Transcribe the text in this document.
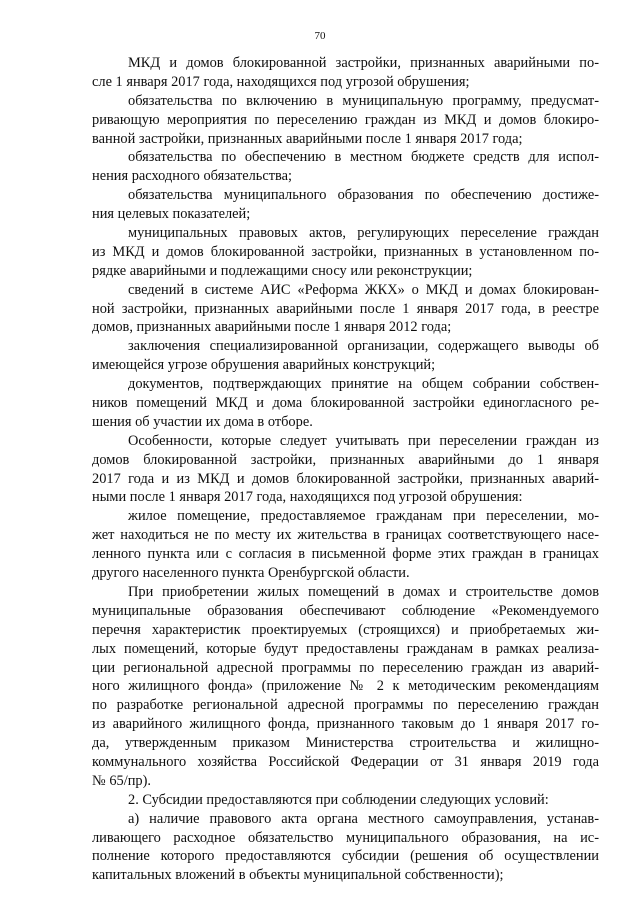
70
МКД и домов блокированной застройки, признанных аварийными по-
сле 1 января 2017 года, находящихся под угрозой обрушения;
обязательства по включению в муниципальную программу, предусмат-
ривающую мероприятия по переселению граждан из МКД и домов блокиро-
ванной застройки, признанных аварийными после 1 января 2017 года;
обязательства по обеспечению в местном бюджете средств для испол-
нения расходного обязательства;
обязательства муниципального образования по обеспечению достиже-
ния целевых показателей;
муниципальных правовых актов, регулирующих переселение граждан
из МКД и домов блокированной застройки, признанных в установленном по-
рядке аварийными и подлежащими сносу или реконструкции;
сведений в системе АИС «Реформа ЖКХ» о МКД и домах блокирован-
ной застройки, признанных аварийными после 1 января 2017 года, в реестре
домов, признанных аварийными после 1 января 2012 года;
заключения специализированной организации, содержащего выводы об
имеющейся угрозе обрушения аварийных конструкций;
документов, подтверждающих принятие на общем собрании собствен-
ников помещений МКД и дома блокированной застройки единогласного ре-
шения об участии их дома в отборе.
Особенности, которые следует учитывать при переселении граждан из
домов блокированной застройки, признанных аварийными до 1 января
2017 года и из МКД и домов блокированной застройки, признанных аварий-
ными после 1 января 2017 года, находящихся под угрозой обрушения:
жилое помещение, предоставляемое гражданам при переселении, мо-
жет находиться не по месту их жительства в границах соответствующего насе-
ленного пункта или с согласия в письменной форме этих граждан в границах
другого населенного пункта Оренбургской области.
При приобретении жилых помещений в домах и строительстве домов
муниципальные образования обеспечивают соблюдение «Рекомендуемого
перечня характеристик проектируемых (строящихся) и приобретаемых жи-
лых помещений, которые будут предоставлены гражданам в рамках реализа-
ции региональной адресной программы по переселению граждан из аварий-
ного жилищного фонда» (приложение № 2 к методическим рекомендациям
по разработке региональной адресной программы по переселению граждан
из аварийного жилищного фонда, признанного таковым до 1 января 2017 го-
да, утвержденным приказом Министерства строительства и жилищно-
коммунального хозяйства Российской Федерации от 31 января 2019 года
№ 65/пр).
2. Субсидии предоставляются при соблюдении следующих условий:
а) наличие правового акта органа местного самоуправления, устанав-
ливающего расходное обязательство муниципального образования, на ис-
полнение которого предоставляются субсидии (решения об осуществлении
капитальных вложений в объекты муниципальной собственности);
